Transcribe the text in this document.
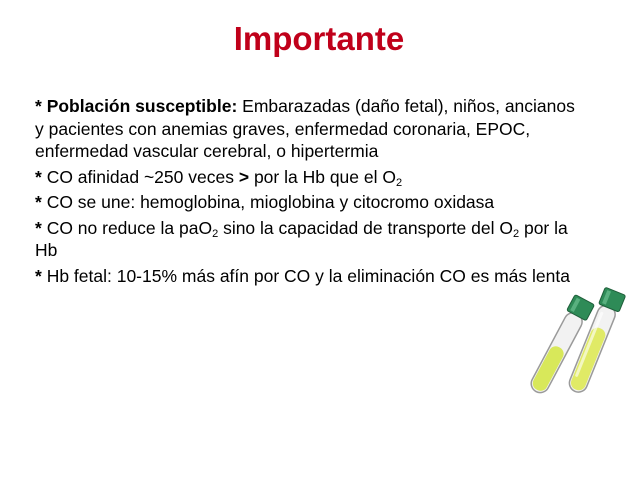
Importante

* Población susceptible: Embarazadas (daño fetal), niños, ancianos y pacientes con anemias graves, enfermedad coronaria, EPOC, enfermedad vascular cerebral, o hipertermia

* CO afinidad ~250 veces > por la Hb que el $O_2$

* CO se une: hemoglobina, mioglobina y citocromo oxidasa

* CO no reduce la paO$_2$ sino la capacidad de transporte del $O_2$ por la Hb

* Hb fetal: 10-15% más afín por CO y la eliminación CO es más lenta
